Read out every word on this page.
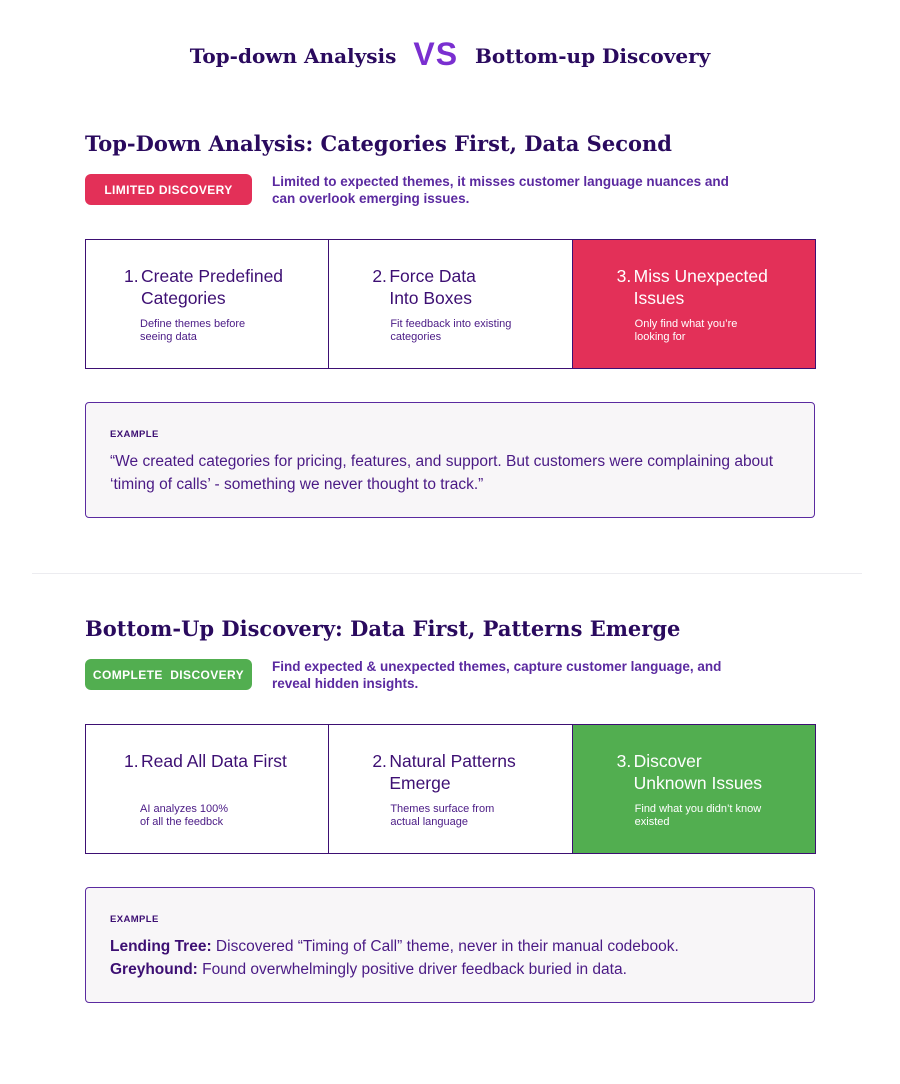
Top-down Analysis VS Bottom-up Discovery
Top-Down Analysis: Categories First, Data Second
LIMITED DISCOVERY
Limited to expected themes, it misses customer language nuances and can overlook emerging issues.
1. Create Predefined Categories
Define themes before seeing data
2. Force Data Into Boxes
Fit feedback into existing categories
3. Miss Unexpected Issues
Only find what you’re looking for
EXAMPLE
“We created categories for pricing, features, and support. But customers were complaining about ‘timing of calls’ - something we never thought to track.”
Bottom-Up Discovery: Data First, Patterns Emerge
COMPLETE  DISCOVERY
Find expected & unexpected themes, capture customer language, and reveal hidden insights.
1. Read All Data First
AI analyzes 100% of all the feedbck
2. Natural Patterns Emerge
Themes surface from actual language
3. Discover Unknown Issues
Find what you didn’t know existed
EXAMPLE
Lending Tree: Discovered “Timing of Call” theme, never in their manual codebook.
Greyhound: Found overwhelmingly positive driver feedback buried in data.
